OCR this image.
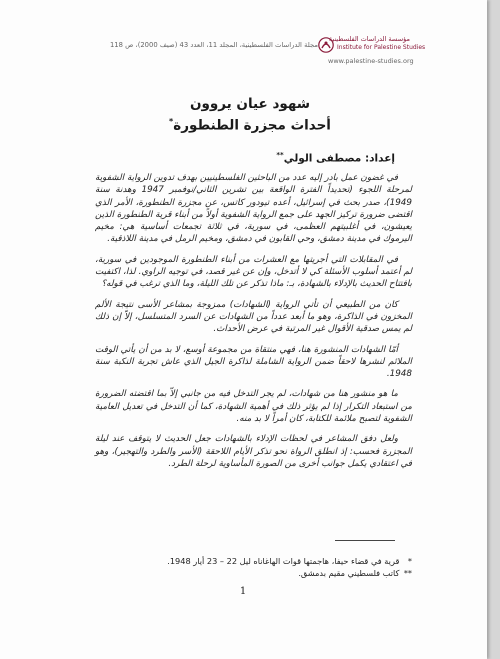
مؤسسة الدراسات الفلسطينية
Institute for Palestine Studies
مجلة الدراسات الفلسطينية، المجلد 11، العدد 43 (صيف 2000)، ص 118
www.palestine-studies.org
شهود عيان يروون
أحداث مجزرة الطنطورة*
إعداد: مصطفى الولي**

في غضون عمل بادر إليه عدد من الباحثين الفلسطينيين بهدف تدوين الرواية الشفوية لمرحلة اللجوء (تحديداً الفترة الواقعة بين تشرين الثاني/نوفمبر 1947 وهدنة سنة 1949)، صدر بحث في إسرائيل، أعده تيودور كاتس، عن مجزرة الطنطورة، الأمر الذي اقتضى ضرورة تركيز الجهد على جمع الرواية الشفوية أولاً من أبناء قرية الطنطورة الذين يعيشون، في أغلبيتهم العظمى، في سورية، في ثلاثة تجمعات أساسية هي: مخيم اليرموك في مدينة دمشق، وحي القابون في دمشق، ومخيم الرمل في مدينة اللاذقية.

في المقابلات التي أجريتها مع العشرات من أبناء الطنطورة الموجودين في سورية، لم أعتمد أسلوب الأسئلة كي لا أتدخل، وإن عن غير قصد، في توجيه الراوي. لذا، اكتفيت بافتتاح الحديث بالإدلاء بالشهادة، بـ: ماذا تذكر عن تلك الليلة، وما الذي ترغب في قوله؟

كان من الطبيعي أن تأتي الرواية (الشهادات) ممزوجة بمشاعر الأسى نتيجة الألم المخزون في الذاكرة، وهو ما أبعد عدداً من الشهادات عن السرد المتسلسل، إلاّ إن ذلك لم يمس صدقية الأقوال غير المرتبة في عرض الأحداث.

أمّا الشهادات المنشورة هنا، فهي منتقاة من مجموعة أوسع، لا بد من أن يأتي الوقت الملائم لنشرها لاحقاً ضمن الرواية الشاملة لذاكرة الجيل الذي عاش تجربة النكبة سنة 1948.

ما هو منشور هنا من شهادات، لم يجر التدخل فيه من جانبي إلاّ بما اقتضته الضرورة من استبعاد التكرار إذا لم يؤثر ذلك في أهمية الشهادة، كما أن التدخل في تعديل العامية الشفوية لتصبح ملائمة للكتابة، كان أمراً لا بد منه.

ولعل دفق المشاعر في لحظات الإدلاء بالشهادات جعل الحديث لا يتوقف عند ليلة المجزرة فحسب: إذ انطلق الرواة نحو تذكر الأيام اللاحقة (الأسر والطرد والتهجير)، وهو في اعتقادي يكمل جوانب أخرى من الصورة المأساوية لرحلة الطرد.

* قرية في قضاء حيفا، هاجمتها قوات الهاغاناه ليل 22 – 23 أيار 1948.
** كاتب فلسطيني مقيم بدمشق.
1
